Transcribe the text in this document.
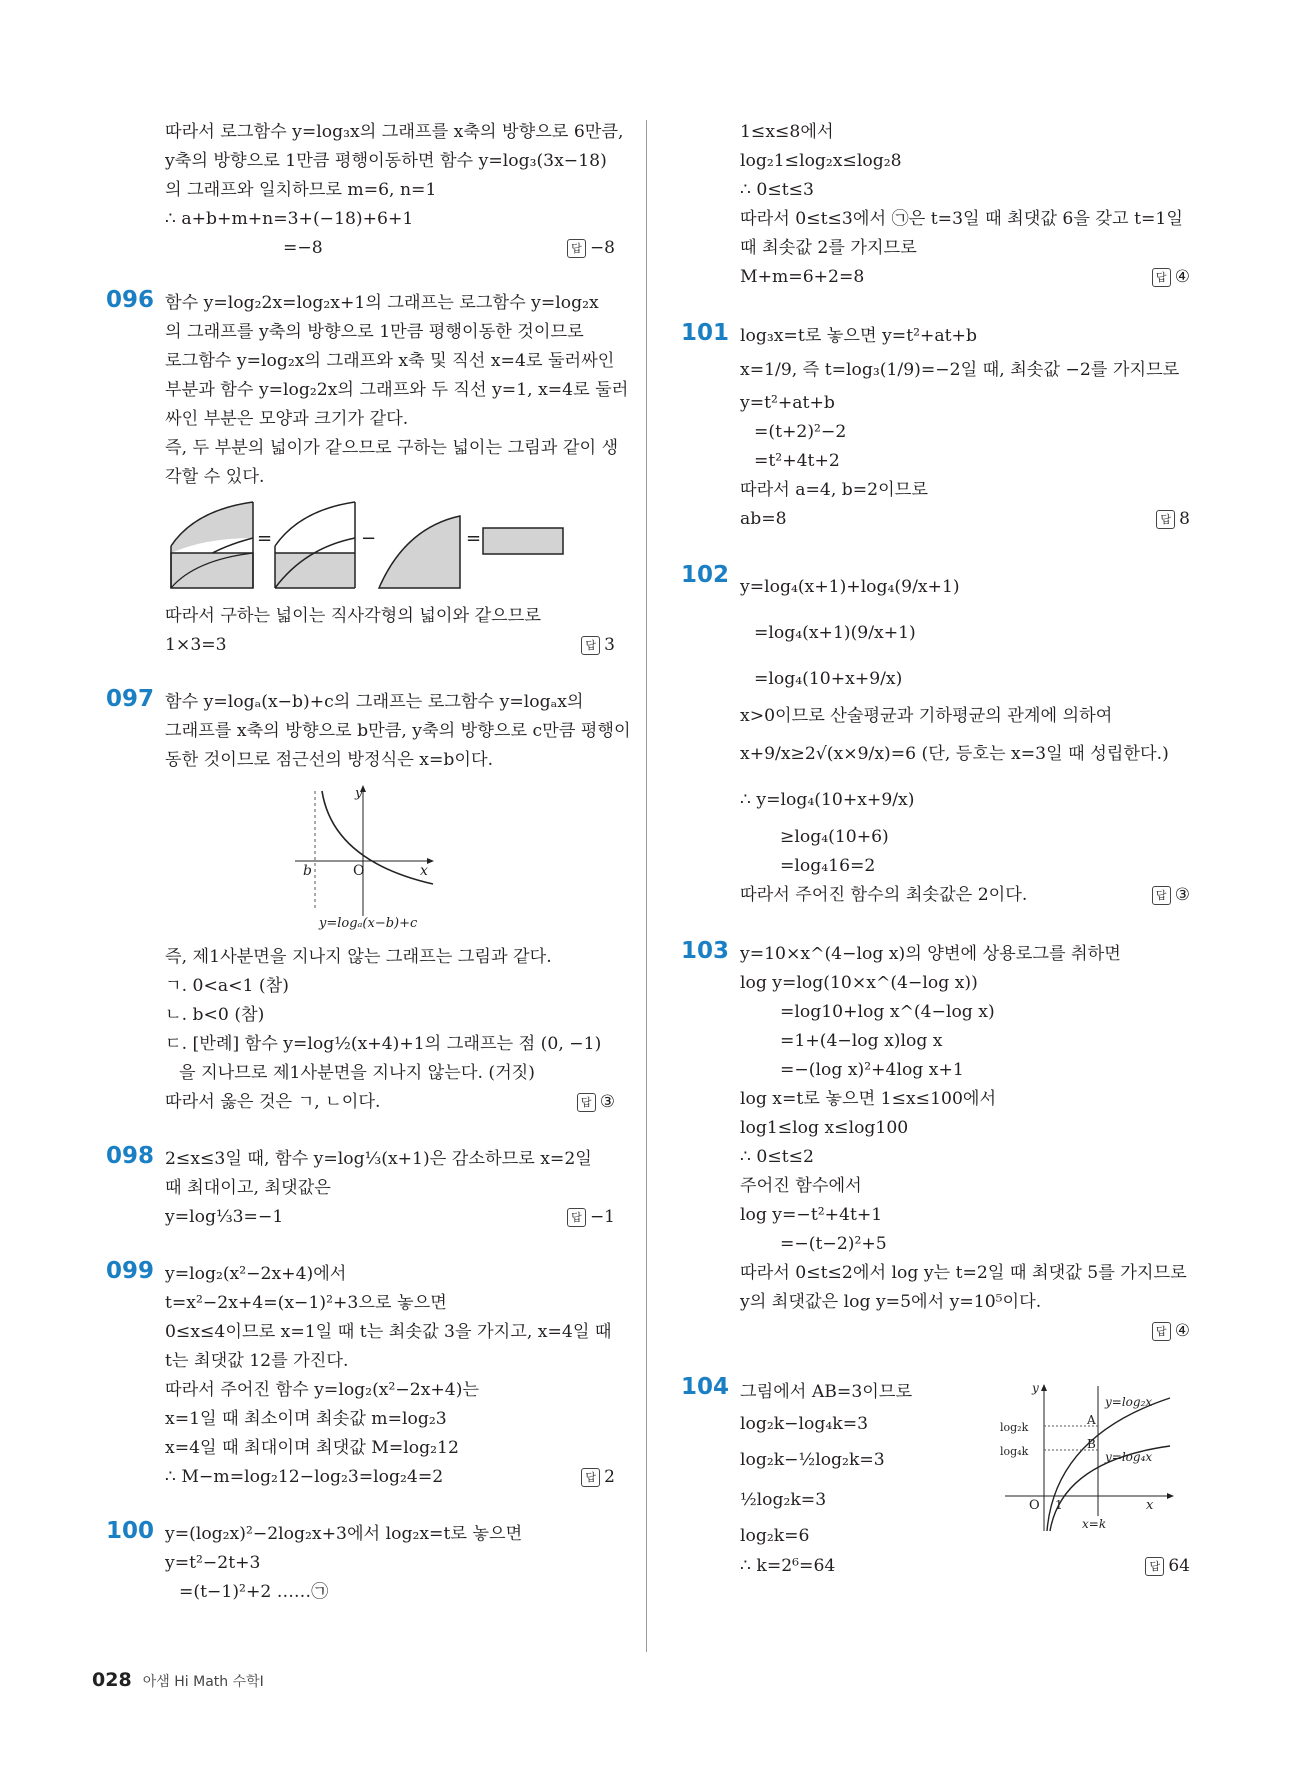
따라서 로그함수 y=log₃x의 그래프를 x축의 방향으로 6만큼,
y축의 방향으로 1만큼 평행이동하면 함수 y=log₃(3x−18)
의 그래프와 일치하므로 m=6, n=1
∴ a+b+m+n=3+(−18)+6+1
=−8	답 −8
096 함수 y=log₂2x=log₂x+1의 그래프는 로그함수 y=log₂x
의 그래프를 y축의 방향으로 1만큼 평행이동한 것이므로
로그함수 y=log₂x의 그래프와 x축 및 직선 x=4로 둘러싸인
부분과 함수 y=log₂2x의 그래프와 두 직선 y=1, x=4로 둘러
싸인 부분은 모양과 크기가 같다.
즉, 두 부분의 넓이가 같으므로 구하는 넓이는 그림과 같이 생
각할 수 있다.
=	−	=
따라서 구하는 넓이는 직사각형의 넓이와 같으므로
1×3=3	답 3
097 함수 y=logₐ(x−b)+c의 그래프는 로그함수 y=logₐx의
그래프를 x축의 방향으로 b만큼, y축의 방향으로 c만큼 평행이
동한 것이므로 점근선의 방정식은 x=b이다.
y
x
O
b
y=logₐ(x−b)+c
즉, 제1사분면을 지나지 않는 그래프는 그림과 같다.
ㄱ. 0<a<1 (참)
ㄴ. b<0 (참)
ㄷ. [반례] 함수 y=log½(x+4)+1의 그래프는 점 (0, −1)
을 지나므로 제1사분면을 지나지 않는다. (거짓)
따라서 옳은 것은 ㄱ, ㄴ이다.	답 ③
098 2≤x≤3일 때, 함수 y=log⅓(x+1)은 감소하므로 x=2일
때 최대이고, 최댓값은
y=log⅓3=−1	답 −1
099 y=log₂(x²−2x+4)에서
t=x²−2x+4=(x−1)²+3으로 놓으면
0≤x≤4이므로 x=1일 때 t는 최솟값 3을 가지고, x=4일 때
t는 최댓값 12를 가진다.
따라서 주어진 함수 y=log₂(x²−2x+4)는
x=1일 때 최소이며 최솟값 m=log₂3
x=4일 때 최대이며 최댓값 M=log₂12
∴ M−m=log₂12−log₂3=log₂4=2	답 2
100 y=(log₂x)²−2log₂x+3에서 log₂x=t로 놓으면
y=t²−2t+3
=(t−1)²+2 ……㉠
1≤x≤8에서
log₂1≤log₂x≤log₂8
∴ 0≤t≤3
따라서 0≤t≤3에서 ㉠은 t=3일 때 최댓값 6을 갖고 t=1일
때 최솟값 2를 가지므로
M+m=6+2=8	답 ④
101 log₃x=t로 놓으면 y=t²+at+b
x=1/9, 즉 t=log₃(1/9)=−2일 때, 최솟값 −2를 가지므로
y=t²+at+b
=(t+2)²−2
=t²+4t+2
따라서 a=4, b=2이므로
ab=8	답 8
102 y=log₄(x+1)+log₄(9/x+1)
=log₄(x+1)(9/x+1)
=log₄(10+x+9/x)
x>0이므로 산술평균과 기하평균의 관계에 의하여
x+9/x≥2√(x×9/x)=6 (단, 등호는 x=3일 때 성립한다.)
∴ y=log₄(10+x+9/x)
≥log₄(10+6)
=log₄16=2
따라서 주어진 함수의 최솟값은 2이다.	답 ③
103 y=10×x^(4−log x)의 양변에 상용로그를 취하면
log y=log(10×x^(4−log x))
=log10+log x^(4−log x)
=1+(4−log x)log x
=−(log x)²+4log x+1
log x=t로 놓으면 1≤x≤100에서
log1≤log x≤log100
∴ 0≤t≤2
주어진 함수에서
log y=−t²+4t+1
=−(t−2)²+5
따라서 0≤t≤2에서 log y는 t=2일 때 최댓값 5를 가지므로
y의 최댓값은 log y=5에서 y=10⁵이다.
답 ④
104 그림에서 AB=3이므로
log₂k−log₄k=3
log₂k−½log₂k=3
½log₂k=3
log₂k=6
y
x
O 1
y=log₂x
y=log₄x
log₂k
log₄k
A
B
x=k
∴ k=2⁶=64	답 64
028 아샘 Hi Math 수학Ⅰ
